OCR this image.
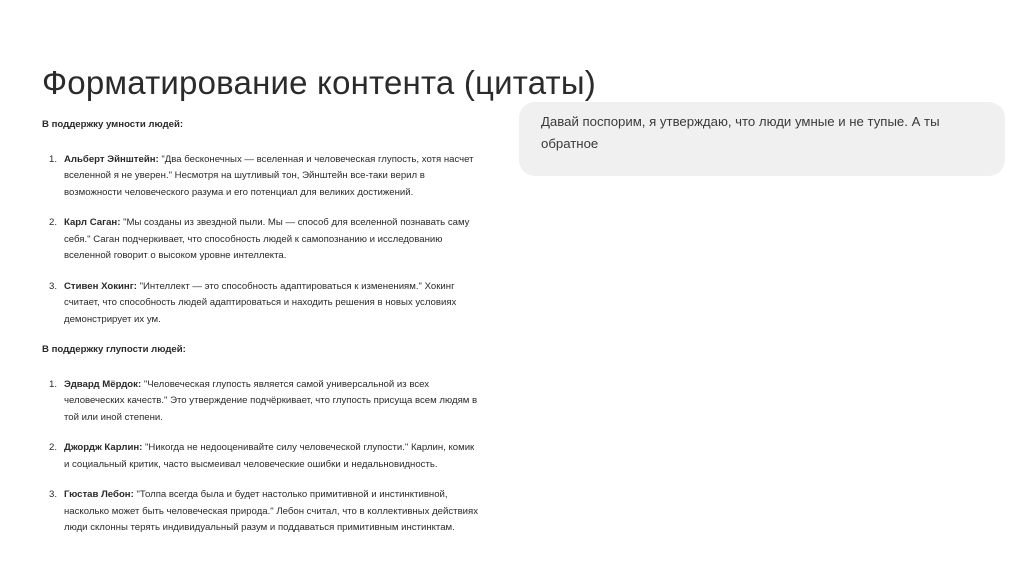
Форматирование контента (цитаты)
В поддержку умности людей:
1. Альберт Эйнштейн: "Два бесконечных — вселенная и человеческая глупость, хотя насчет вселенной я не уверен." Несмотря на шутливый тон, Эйнштейн все-таки верил в возможности человеческого разума и его потенциал для великих достижений.
2. Карл Саган: "Мы созданы из звездной пыли. Мы — способ для вселенной познавать саму себя." Саган подчеркивает, что способность людей к самопознанию и исследованию вселенной говорит о высоком уровне интеллекта.
3. Стивен Хокинг: "Интеллект — это способность адаптироваться к изменениям." Хокинг считает, что способность людей адаптироваться и находить решения в новых условиях демонстрирует их ум.
В поддержку глупости людей:
1. Эдвард Мёрдок: "Человеческая глупость является самой универсальной из всех человеческих качеств." Это утверждение подчёркивает, что глупость присуща всем людям в той или иной степени.
2. Джордж Карлин: "Никогда не недооценивайте силу человеческой глупости." Карлин, комик и социальный критик, часто высмеивал человеческие ошибки и недальновидность.
3. Гюстав Лебон: "Толпа всегда была и будет настолько примитивной и инстинктивной, насколько может быть человеческая природа." Лебон считал, что в коллективных действиях люди склонны терять индивидуальный разум и поддаваться примитивным инстинктам.
Давай поспорим, я утверждаю, что люди умные и не тупые. А ты обратное
